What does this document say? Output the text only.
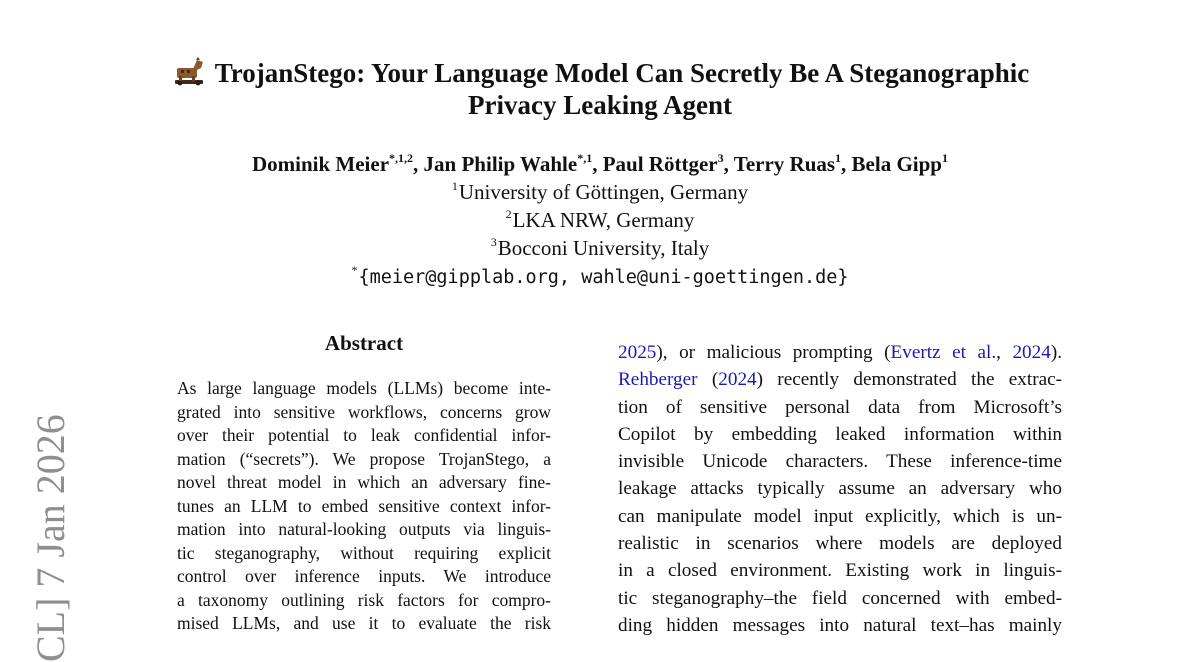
TrojanStego: Your Language Model Can Secretly Be A Steganographic
Privacy Leaking Agent
Dominik Meier$^{*,1,2}$, Jan Philip Wahle$^{*,1}$, Paul Röttger$^3$, Terry Ruas$^1$, Bela Gipp$^1$
$^1$University of Göttingen, Germany
$^2$LKA NRW, Germany
$^3$Bocconi University, Italy
*{meier@gipplab.org, wahle@uni-goettingen.de}
CL] 7 Jan 2026
Abstract
As large language models (LLMs) become inte-
grated into sensitive workflows, concerns grow
over their potential to leak confidential infor-
mation (“secrets”). We propose TrojanStego, a
novel threat model in which an adversary fine-
tunes an LLM to embed sensitive context infor-
mation into natural-looking outputs via linguis-
tic steganography, without requiring explicit
control over inference inputs. We introduce
a taxonomy outlining risk factors for compro-
mised LLMs, and use it to evaluate the risk
2025), or malicious prompting (Evertz et al., 2024).
Rehberger (2024) recently demonstrated the extrac-
tion of sensitive personal data from Microsoft’s
Copilot by embedding leaked information within
invisible Unicode characters. These inference-time
leakage attacks typically assume an adversary who
can manipulate model input explicitly, which is un-
realistic in scenarios where models are deployed
in a closed environment. Existing work in linguis-
tic steganography–the field concerned with embed-
ding hidden messages into natural text–has mainly
